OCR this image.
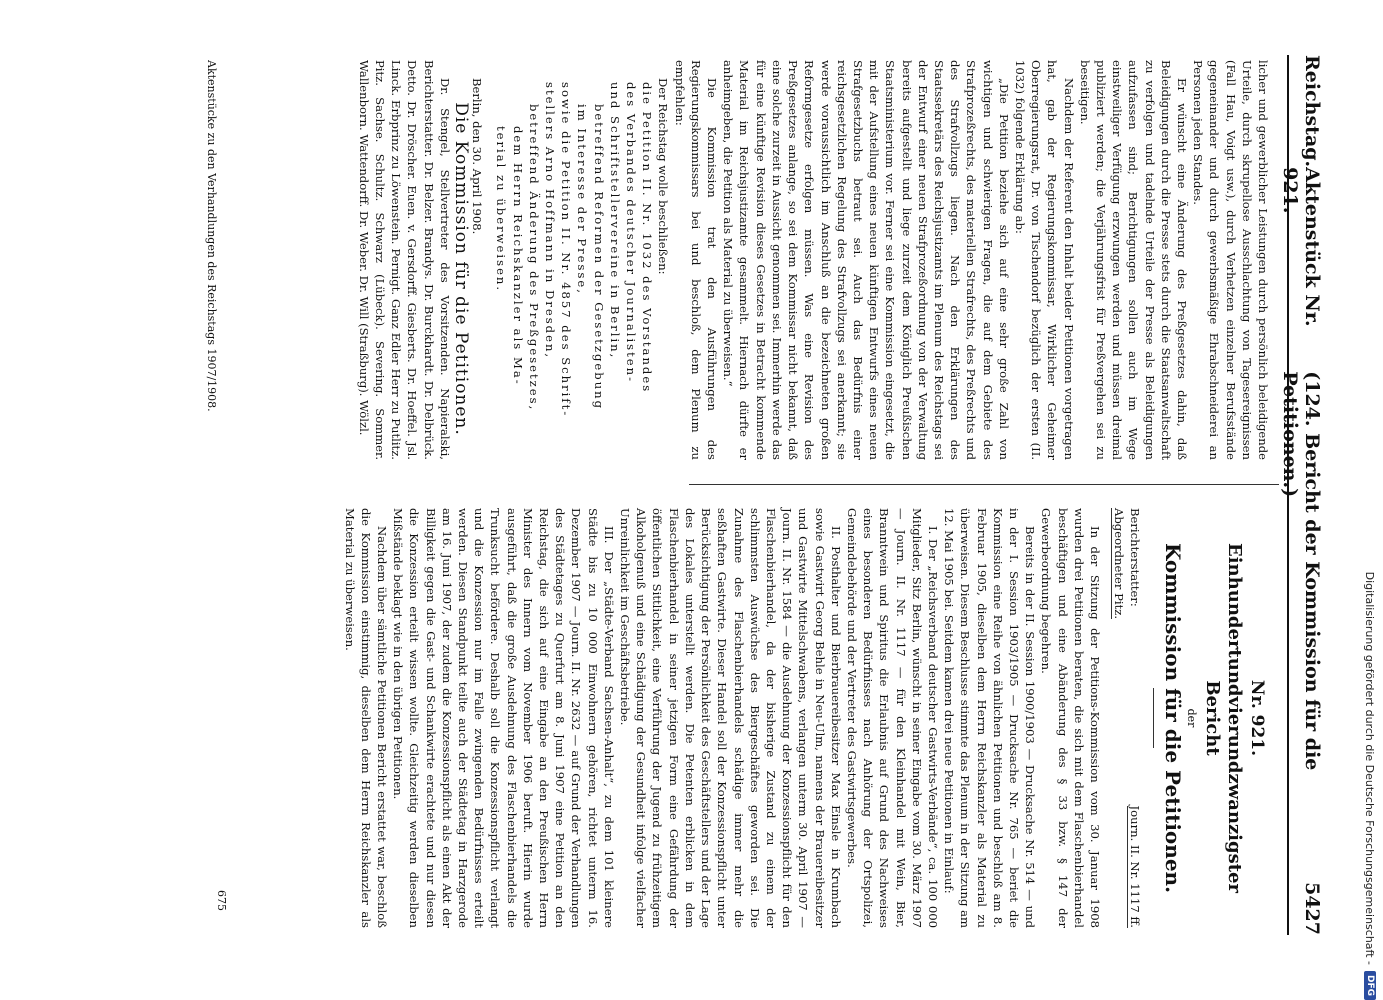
Reichstag.
Aktenstück Nr. 921.
(124. Bericht der Kommission für die Petitionen.)
5427

licher und gewerblicher Leistungen durch persönlich beleidigende Urteile, durch skrupellose Ausschlachtung von Tagesereignissen (Fall Hau, Voigt usw.), durch Verhetzen einzelner Berufsstände gegeneinander und durch gewerbsmäßige Ehrabschneiderei an Personen jeden Standes.

Er wünscht eine Änderung des Preßgesetzes dahin, daß Beleidigungen durch die Presse stets durch die Staatsanwaltschaft zu verfolgen und tadelnde Urteile der Presse als Beleidigungen aufzufassen sind; Berichtigungen sollen auch im Wege einstweiliger Verfügung erzwungen werden und müssen dreimal publiziert werden; die Verjährungsfrist für Preßvergehen sei zu beseitigen.

Nachdem der Referent den Inhalt beider Petitionen vorgetragen hat, gab der Regierungskommissar, Wirklicher Geheimer Oberregierungsrat, Dr. von Tischendorf bezüglich der ersten (II. 1032) folgende Erklärung ab:

„Die Petition beziehe sich auf eine sehr große Zahl von wichtigen und schwierigen Fragen, die auf dem Gebiete des Strafprozeßrechts, des materiellen Strafrechts, des Preßrechts und des Strafvollzugs liegen. Nach den Erklärungen des Staatssekretärs des Reichsjustizamts im Plenum des Reichstags sei der Entwurf einer neuen Strafprozeßordnung von der Verwaltung bereits aufgestellt und liege zurzeit dem Königlich Preußischen Staatsministerium vor. Ferner sei eine Kommission eingesetzt, die mit der Aufstellung eines neuen künftigen Entwurfs eines neuen Strafgesetzbuchs betraut sei. Auch das Bedürfnis einer reichsgesetzlichen Regelung des Strafvollzugs sei anerkannt; sie werde voraussichtlich im Anschluß an die bezeichneten großen Reformgesetze erfolgen müssen. Was eine Revision des Preßgesetzes anlange, so sei dem Kommissar nicht bekannt, daß eine solche zurzeit in Aussicht genommen sei. Immerhin werde das für eine künftige Revision dieses Gesetzes in Betracht kommende Material im Reichsjustizamte gesammelt. Hiernach dürfte er anheimgeben, die Petition als Material zu überweisen.“

Die Kommission trat den Ausführungen des Regierungskommissars bei und beschloß, dem Plenum zu empfehlen:

Der Reichstag wolle beschließen:

die Petition II. Nr. 1032 des Vorstandes

des Verbandes deutscher Journalisten-

und Schriftstellervereine in Berlin,

betreffend Reformen der Gesetzgebung

im Interesse der Presse,

sowie die Petition II. Nr. 4857 des Schrift-

stellers Arno Hoffmann in Dresden,

betreffend Änderung des Preßgesetzes,

dem Herrn Reichskanzler als Ma-

terial zu überweisen.

Berlin, den 30. April 1908.

Die Kommission für die Petitionen.

Dr. Stengel, Stellvertreter des Vorsitzenden. Napieralski, Berichterstatter. Dr. Belzer. Brandys. Dr. Burckhardt. Dr. Delbrück. Detto. Dr. Dröscher. Euen. v. Gersdorff. Giesberts. Dr. Hoeffel. Jsl. Linck. Erbprinz zu Löwenstein. Pernigt. Ganz Edler Herr zu Putlitz. Pitz. Sachse. Schultz. Schwarz (Lübeck). Severing. Sommer. Wallenborn. Wattendorff. Dr. Weber. Dr. Will (Straßburg). Wölzl.

Nr. 921.
Einhundertundvierundzwanzigster Bericht
der
Kommission für die Petitionen.
Berichterstatter:
Abgeordneter Pitz.
Journ. II. Nr. 1117 ff.

In der Sitzung der Petitions-Kommission vom 30. Januar 1908 wurden drei Petitionen beraten, die sich mit dem Flaschenbierhandel beschäftigen und eine Abänderung des § 33 bzw. § 147 der Gewerbeordnung begehren.

Bereits in der II. Session 1900/1903 — Drucksache Nr. 514 — und in der I. Session 1903/1905 — Drucksache Nr. 765 — beriet die Kommission eine Reihe von ähnlichen Petitionen und beschloß am 8. Februar 1905, dieselben dem Herrn Reichskanzler als Material zu überweisen. Diesem Beschlusse stimmte das Plenum in der Sitzung am 12. Mai 1905 bei. Seitdem kamen drei neue Petitionen in Einlauf:

I. Der „Reichsverband deutscher Gastwirts-Verbände“, ca. 100 000 Mitglieder, Sitz Berlin, wünscht in seiner Eingabe vom 30. März 1907 — Journ. II. Nr. 1117 — für den Kleinhandel mit Wein, Bier, Branntwein und Spiritus die Erlaubnis auf Grund des Nachweises eines besonderen Bedürfnisses nach Anhörung der Ortspolizei, Gemeindebehörde und der Vertreter des Gastwirtsgewerbes.

II. Posthalter und Bierbrauereibesitzer Max Einsle in Krumbach sowie Gastwirt Georg Behle in Neu-Ulm, namens der Brauereibesitzer und Gastwirte Mittelschwabens, verlangen unterm 30. April 1907 — Journ. II. Nr. 1584 — die Ausdehnung der Konzessionspflicht für den Flaschenbierhandel, da der bisherige Zustand zu einem der schlimmsten Auswüchse des Biergeschäftes geworden sei. Die Zunahme des Flaschenbierhandels schädige immer mehr die seßhaften Gastwirte. Dieser Handel soll der Konzessionspflicht unter Berücksichtigung der Persönlichkeit des Geschäftstellers und der Lage des Lokales unterstellt werden. Die Petenten erblicken in dem Flaschenbierhandel in seiner jetzigen Form eine Gefährdung der öffentlichen Sittlichkeit, eine Verführung der Jugend zu frühzeitigem Alkoholgenuß und eine Schädigung der Gesundheit infolge vielfacher Unreinlichkeit im Geschäftsbetriebe.

III. Der „Städte-Verband Sachsen-Anhalt“, zu dem 101 kleinere Städte bis zu 10 000 Einwohnern gehören, richtet unterm 16. Dezember 1907 — Journ. II. Nr. 2632 — auf Grund der Verhandlungen des Städtetages zu Querfurt am 8. Juni 1907 eine Petition an den Reichstag, die sich auf eine Eingabe an den Preußischen Herrn Minister des Innern vom November 1906 beruft. Hierin wurde ausgeführt, daß die große Ausdehnung des Flaschenbierhandels die Trunksucht befördere. Deshalb soll die Konzessionspflicht verlangt und die Konzession nur im Falle zwingenden Bedürfnisses erteilt werden. Diesen Standpunkt teilte auch der Städtetag in Harzgerode am 16. Juni 1907, der zudem die Konzessionspflicht als einen Akt der Billigkeit gegen die Gast- und Schankwirte erachtete und nur diesen die Konzession erteilt wissen wollte. Gleichzeitig werden dieselben Mißstände beklagt wie in den übrigen Petitionen.

Nachdem über sämtliche Petitionen Bericht erstattet war, beschloß die Kommission einstimmig, dieselben dem Herrn Reichskanzler als Material zu überweisen.

Aktenstücke zu den Verhandlungen des Reichstags 1907/1908.
675	Digitalisierung gefördert durch die Deutsche Forschungsgemeinschaft -
DFG
